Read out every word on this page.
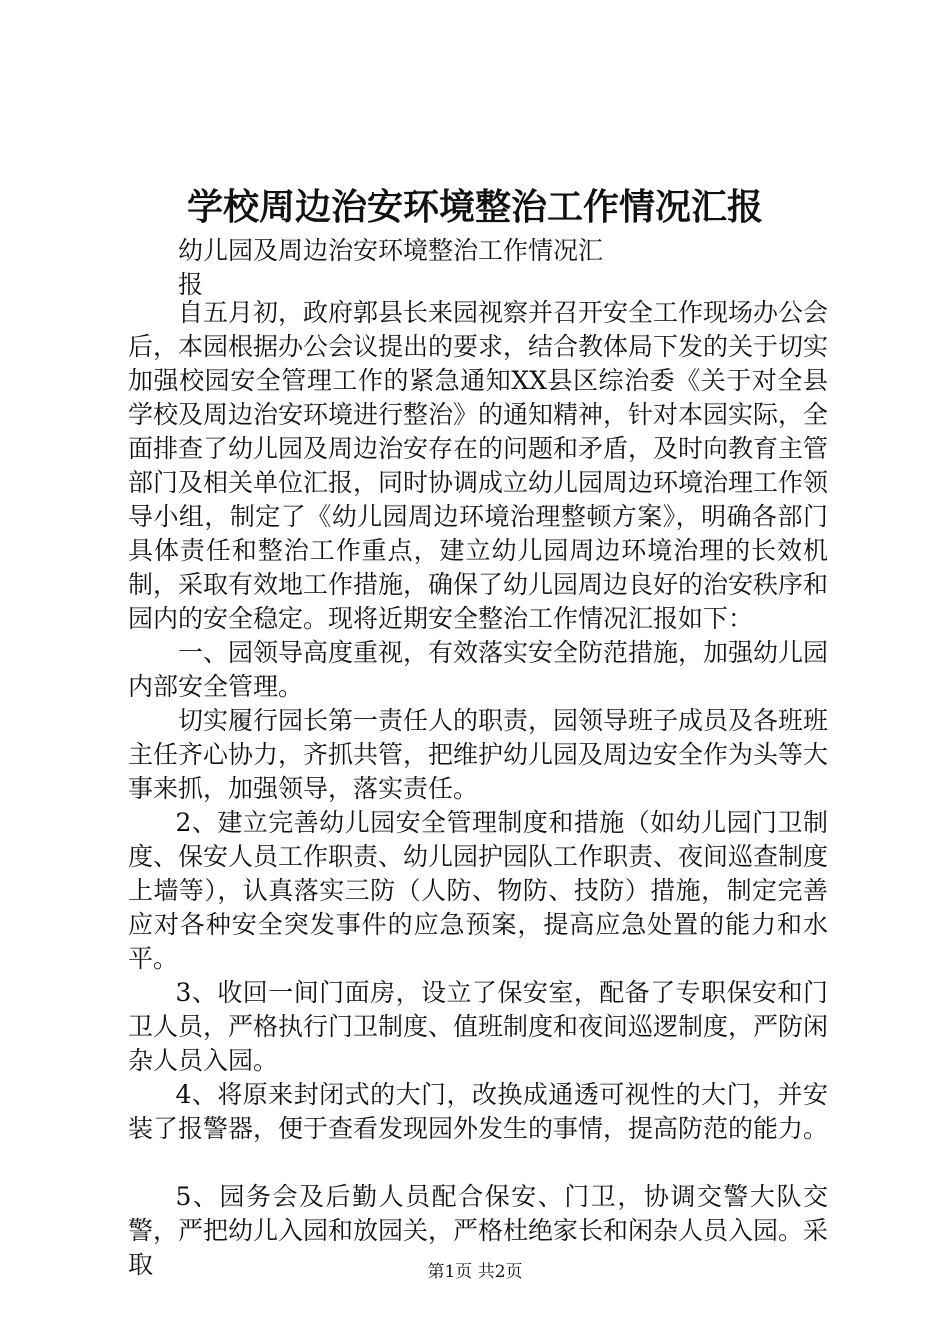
学校周边治安环境整治工作情况汇报

幼儿园及周边治安环境整治工作情况汇报

自五月初，政府郭县长来园视察并召开安全工作现场办公会后，本园根据办公会议提出的要求，结合教体局下发的关于切实加强校园安全管理工作的紧急通知XX县区综治委《关于对全县学校及周边治安环境进行整治》的通知精神，针对本园实际，全面排查了幼儿园及周边治安存在的问题和矛盾，及时向教育主管部门及相关单位汇报，同时协调成立幼儿园周边环境治理工作领导小组，制定了《幼儿园周边环境治理整顿方案》，明确各部门具体责任和整治工作重点，建立幼儿园周边环境治理的长效机制，采取有效地工作措施，确保了幼儿园周边良好的治安秩序和园内的安全稳定。现将近期安全整治工作情况汇报如下：

一、园领导高度重视，有效落实安全防范措施，加强幼儿园内部安全管理。

切实履行园长第一责任人的职责，园领导班子成员及各班班主任齐心协力，齐抓共管，把维护幼儿园及周边安全作为头等大事来抓，加强领导，落实责任。

2、建立完善幼儿园安全管理制度和措施（如幼儿园门卫制度、保安人员工作职责、幼儿园护园队工作职责、夜间巡查制度上墙等），认真落实三防（人防、物防、技防）措施，制定完善应对各种安全突发事件的应急预案，提高应急处置的能力和水平。

3、收回一间门面房，设立了保安室，配备了专职保安和门卫人员，严格执行门卫制度、值班制度和夜间巡逻制度，严防闲杂人员入园。

4、将原来封闭式的大门，改换成通透可视性的大门，并安装了报警器，便于查看发现园外发生的事情，提高防范的能力。

5、园务会及后勤人员配合保安、门卫，协调交警大队交警，严把幼儿入园和放园关，严格杜绝家长和闲杂人员入园。采取	第1页 共2页
